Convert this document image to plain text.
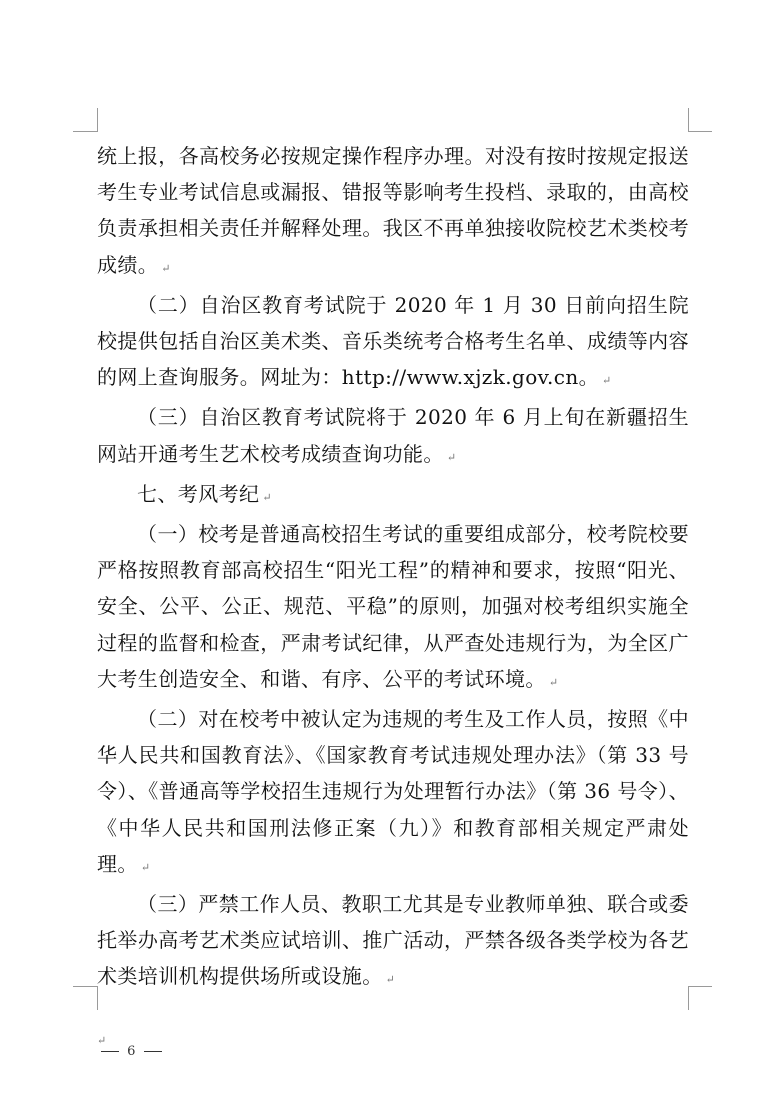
统上报，各高校务必按规定操作程序办理。对没有按时按规定报送考生专业考试信息或漏报、错报等影响考生投档、录取的，由高校负责承担相关责任并解释处理。我区不再单独接收院校艺术类校考成绩。 ↵

（二）自治区教育考试院于 2020 年 1 月 30 日前向招生院校提供包括自治区美术类、音乐类统考合格考生名单、成绩等内容的网上查询服务。网址为：http://www.xjzk.gov.cn。 ↵

（三）自治区教育考试院将于 2020 年 6 月上旬在新疆招生网站开通考生艺术校考成绩查询功能。 ↵

七、考风考纪 ↵

（一）校考是普通高校招生考试的重要组成部分，校考院校要严格按照教育部高校招生“阳光工程”的精神和要求，按照“阳光、安全、公平、公正、规范、平稳”的原则，加强对校考组织实施全过程的监督和检查，严肃考试纪律，从严查处违规行为，为全区广大考生创造安全、和谐、有序、公平的考试环境。 ↵

（二）对在校考中被认定为违规的考生及工作人员，按照《中华人民共和国教育法》、《国家教育考试违规处理办法》（第 33 号令）、《普通高等学校招生违规行为处理暂行办法》（第 36 号令）、《中华人民共和国刑法修正案（九）》和教育部相关规定严肃处理。 ↵

（三）严禁工作人员、教职工尤其是专业教师单独、联合或委托举办高考艺术类应试培训、推广活动，严禁各级各类学校为各艺术类培训机构提供场所或设施。 ↵

↵
6
